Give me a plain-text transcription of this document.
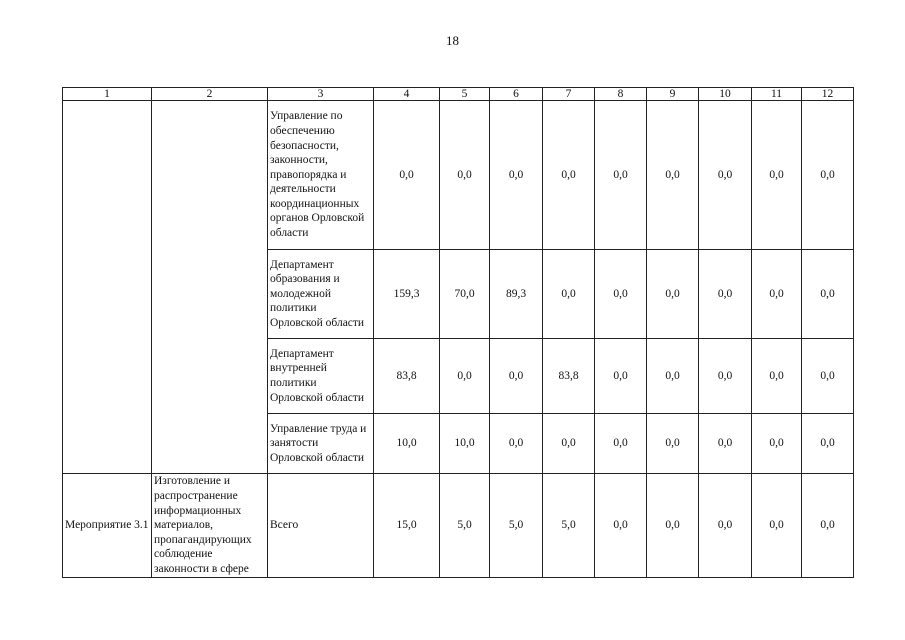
18
1	2	3	4	5	6	7	8	9	10	11	12
		Управление по обеспечению безопасности, законности, правопорядка и деятельности координационных органов Орловской области	0,0	0,0	0,0	0,0	0,0	0,0	0,0	0,0	0,0
		Департамент образования и молодежной политики Орловской области	159,3	70,0	89,3	0,0	0,0	0,0	0,0	0,0	0,0
		Департамент внутренней политики Орловской области	83,8	0,0	0,0	83,8	0,0	0,0	0,0	0,0	0,0
		Управление труда и занятости Орловской области	10,0	10,0	0,0	0,0	0,0	0,0	0,0	0,0	0,0
Мероприятие 3.1	Изготовление и распространение информационных материалов, пропагандирующих соблюдение законности в сфере	Всего	15,0	5,0	5,0	5,0	0,0	0,0	0,0	0,0	0,0
